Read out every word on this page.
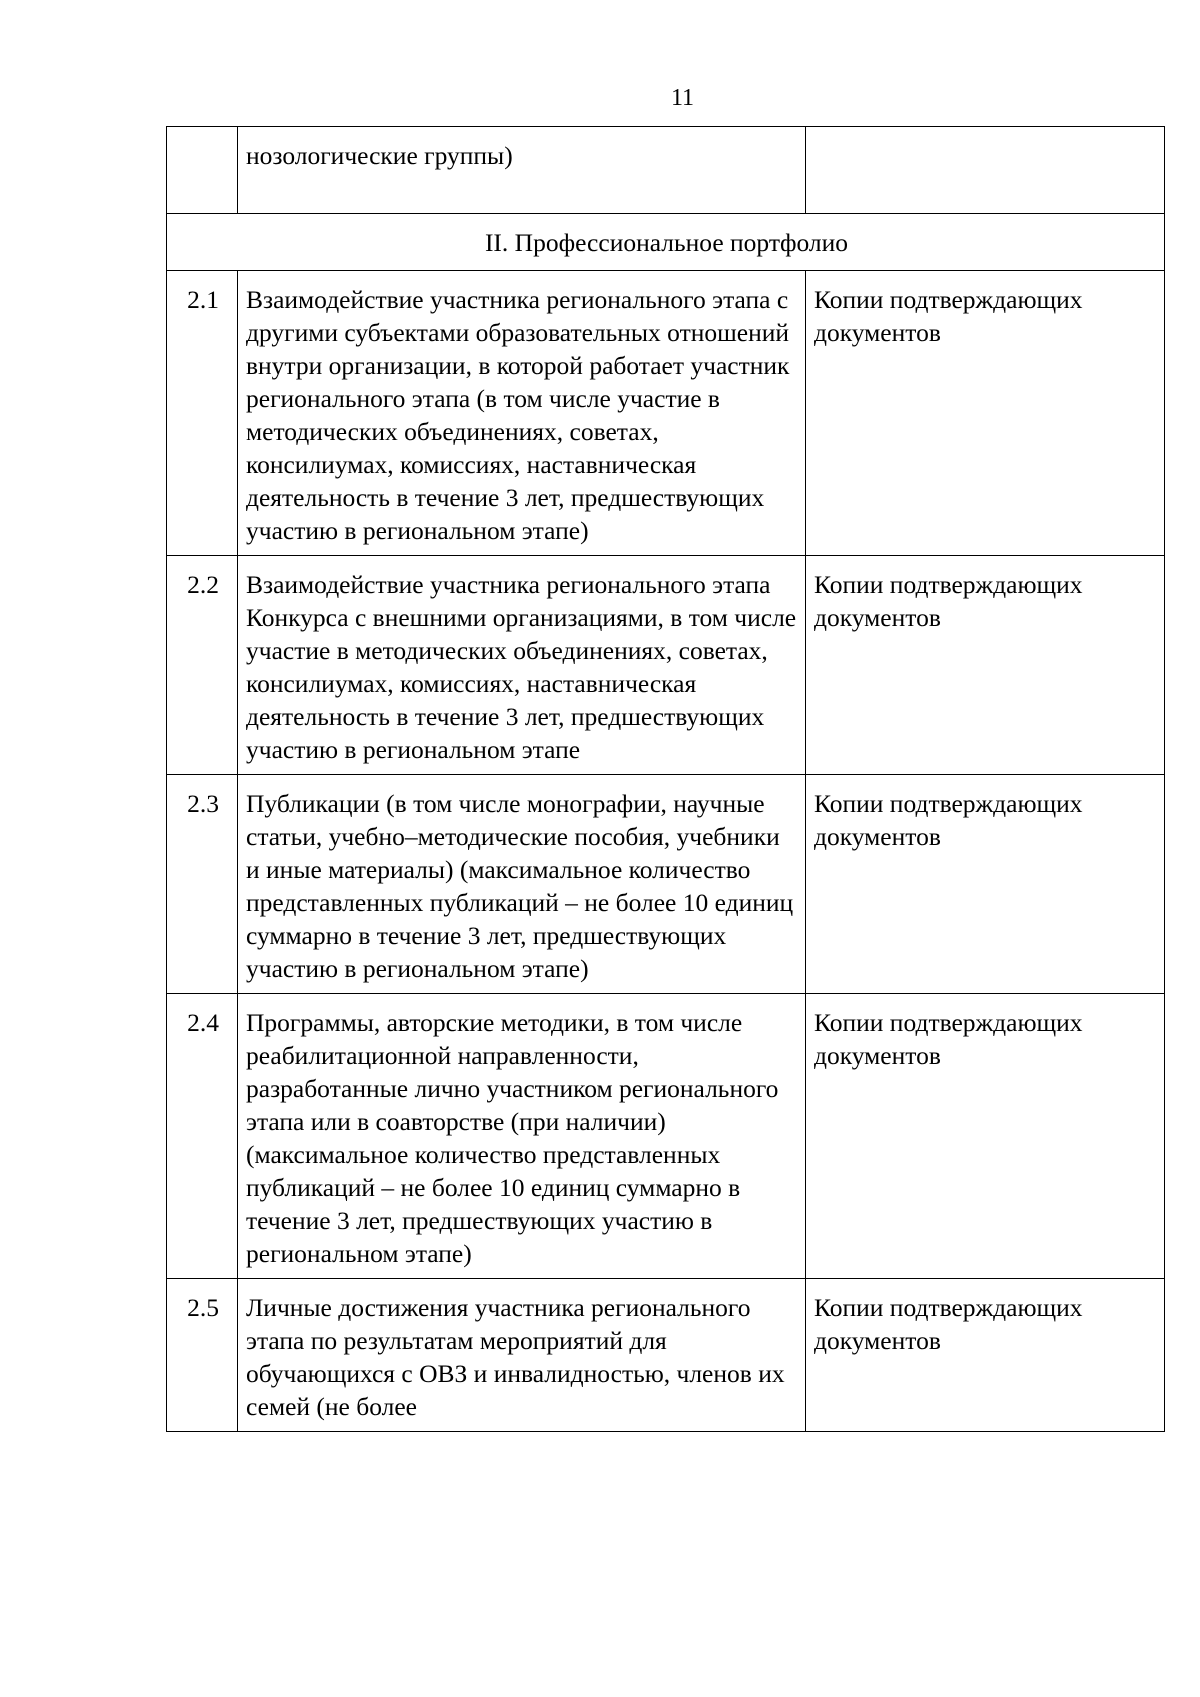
11
	нозологические группы)	
II. Профессиональное портфолио		
2.1	Взаимодействие участника регионального этапа с другими субъектами образовательных отношений внутри организации, в которой работает участник регионального этапа (в том числе участие в методических объединениях, советах, консилиумах, комиссиях, наставническая деятельность в течение 3 лет, предшествующих участию в региональном этапе)	Копии подтверждающих документов
2.2	Взаимодействие участника регионального этапа Конкурса с внешними организациями, в том числе участие в методических объединениях, советах, консилиумах, комиссиях, наставническая деятельность в течение 3 лет, предшествующих участию в региональном этапе	Копии подтверждающих документов
2.3	Публикации (в том числе монографии, научные статьи, учебно–методические пособия, учебники и иные материалы) (максимальное количество представленных публикаций – не более 10 единиц суммарно в течение 3 лет, предшествующих участию в региональном этапе)	Копии подтверждающих документов
2.4	Программы, авторские методики, в том числе реабилитационной направленности, разработанные лично участником регионального этапа или в соавторстве (при наличии) (максимальное количество представленных публикаций – не более 10 единиц суммарно в течение 3 лет, предшествующих участию в региональном этапе)	Копии подтверждающих документов
2.5	Личные достижения участника регионального этапа по результатам мероприятий для обучающихся с ОВЗ и инвалидностью, членов их семей (не более	Копии подтверждающих документов
